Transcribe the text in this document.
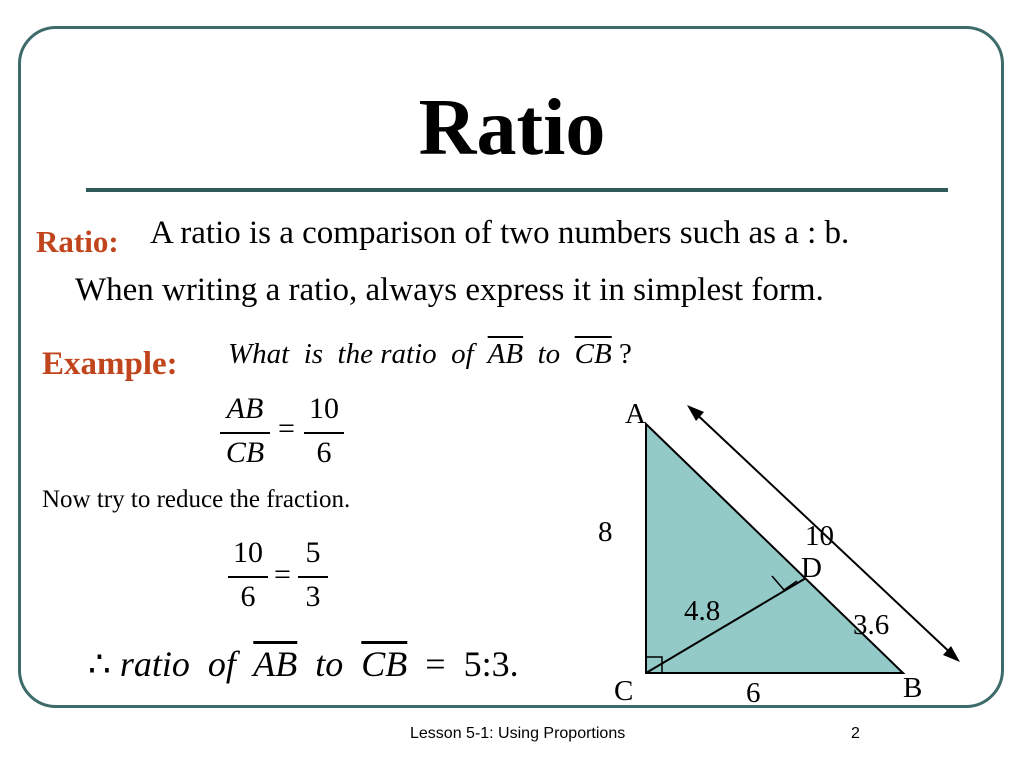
Ratio
Ratio: A ratio is a comparison of two numbers such as a : b.
When writing a ratio, always express it in simplest form.
Example: What  is  the ratio  of  $\overline{AB}$  to  $\overline{CB}$ ?
$\frac{AB}{CB} = \frac{10}{6}$
Now try to reduce the fraction.
$\frac{10}{6} = \frac{5}{3}$
∴ ratio  of  $\overline{AB}$  to  $\overline{CB}$  =  5:3.
A
B
C
D
8	10
4.8	3.6
6
Lesson 5-1: Using Proportions	2
